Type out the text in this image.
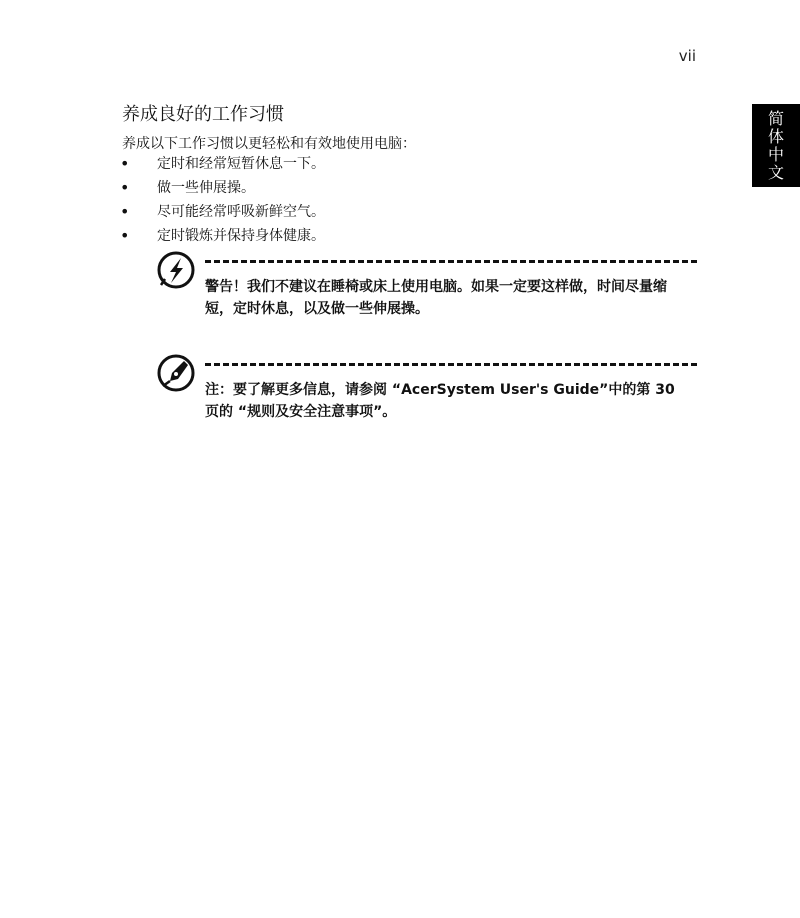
vii
简
体
中
文
养成良好的工作习惯
养成以下工作习惯以更轻松和有效地使用电脑：
• 定时和经常短暂休息一下。
• 做一些伸展操。
• 尽可能经常呼吸新鲜空气。
• 定时锻炼并保持身体健康。
警告！我们不建议在睡椅或床上使用电脑。如果一定要这样做，时间尽量缩短，定时休息，以及做一些伸展操。
注：要了解更多信息，请参阅 “AcerSystem User's Guide”中的第 30 页的 “规则及安全注意事项”。
